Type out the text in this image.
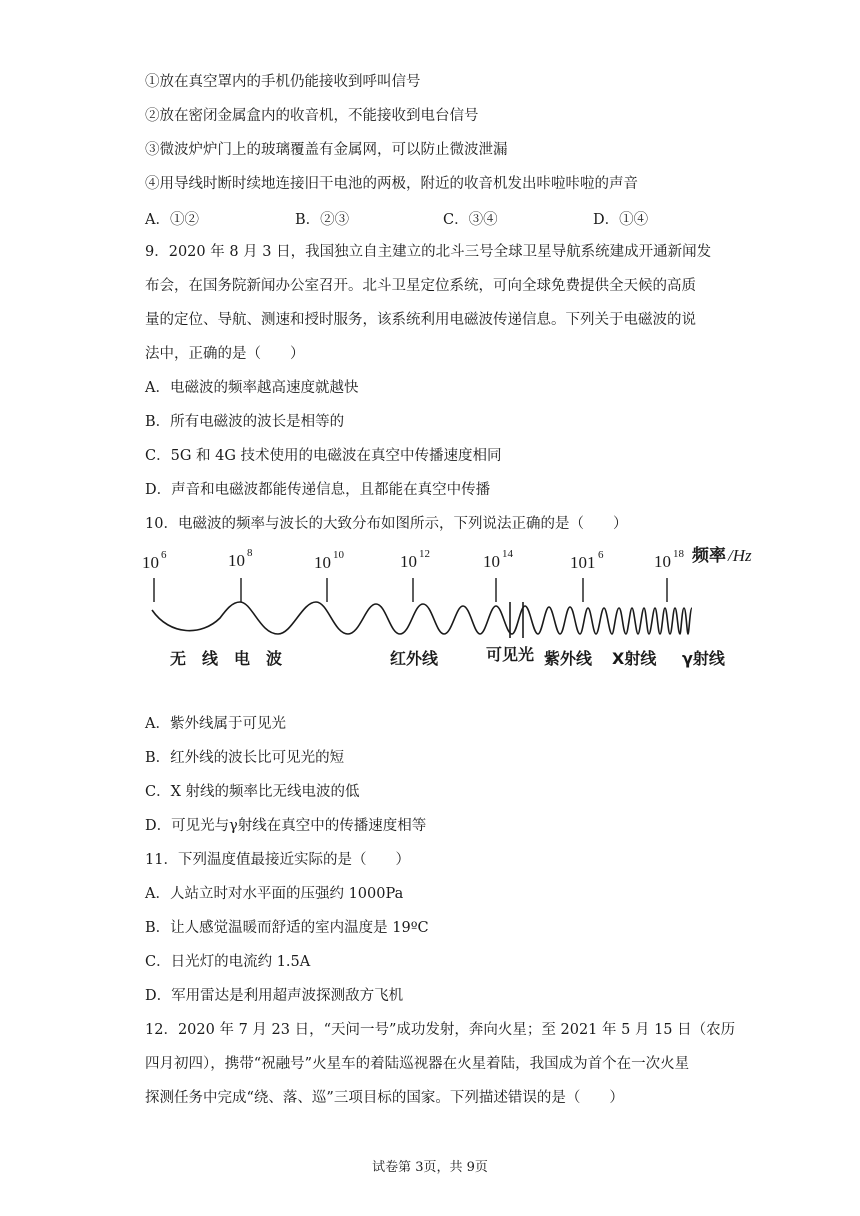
①放在真空罩内的手机仍能接收到呼叫信号
②放在密闭金属盒内的收音机，不能接收到电台信号
③微波炉炉门上的玻璃覆盖有金属网，可以防止微波泄漏
④用导线时断时续地连接旧干电池的两极，附近的收音机发出咔啦咔啦的声音
A．①②	B．②③	C．③④	D．①④
9．2020 年 8 月 3 日，我国独立自主建立的北斗三号全球卫星导航系统建成开通新闻发
布会，在国务院新闻办公室召开。北斗卫星定位系统，可向全球免费提供全天候的高质
量的定位、导航、测速和授时服务，该系统利用电磁波传递信息。下列关于电磁波的说
法中，正确的是（　　）
A．电磁波的频率越高速度就越快
B．所有电磁波的波长是相等的
C．5G 和 4G 技术使用的电磁波在真空中传播速度相同
D．声音和电磁波都能传递信息，且都能在真空中传播
10．电磁波的频率与波长的大致分布如图所示，下列说法正确的是（　　）
10 6	10 8	10 10	10 12	10 14	101 6	10 18 频率 /Hz
无　线　电　波	红外线	可见光 紫外线 X射线 γ射线
A．紫外线属于可见光
B．红外线的波长比可见光的短
C．X 射线的频率比无线电波的低
D．可见光与γ射线在真空中的传播速度相等
11．下列温度值最接近实际的是（　　）
A．人站立时对水平面的压强约 1000Pa
B．让人感觉温暖而舒适的室内温度是 19ºC
C．日光灯的电流约 1.5A
D．军用雷达是利用超声波探测敌方飞机
12．2020 年 7 月 23 日，“天问一号”成功发射，奔向火星；至 2021 年 5 月 15 日（农历
四月初四），携带“祝融号”火星车的着陆巡视器在火星着陆，我国成为首个在一次火星
探测任务中完成“绕、落、巡”三项目标的国家。下列描述错误的是（　　）
试卷第 3页，共 9页
